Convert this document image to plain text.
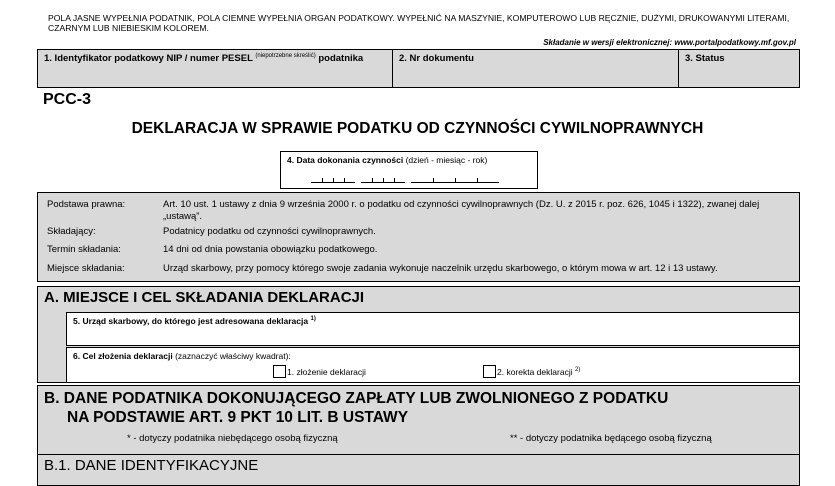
POLA JASNE WYPEŁNIA PODATNIK, POLA CIEMNE WYPEŁNIA ORGAN PODATKOWY. WYPEŁNIĆ NA MASZYNIE, KOMPUTEROWO LUB RĘCZNIE, DUŻYMI, DRUKOWANYMI LITERAMI, CZARNYM LUB NIEBIESKIM KOLOREM.
Składanie w wersji elektronicznej: www.portalpodatkowy.mf.gov.pl
1. Identyfikator podatkowy NIP / numer PESEL $^{(niepotrzebne skreślić)}$ podatnika	2. Nr dokumentu	3. Status
PCC-3
DEKLARACJA W SPRAWIE PODATKU OD CZYNNOŚCI CYWILNOPRAWNYCH
4. Data dokonania czynności (dzień - miesiąc - rok)
Podstawa prawna:	Art. 10 ust. 1 ustawy z dnia 9 września 2000 r. o podatku od czynności cywilnoprawnych (Dz. U. z 2015 r. poz. 626, 1045 i 1322), zwanej dalej „ustawą”.
Składający:	Podatnicy podatku od czynności cywilnoprawnych.
Termin składania:	14 dni od dnia powstania obowiązku podatkowego.
Miejsce składania:	Urząd skarbowy, przy pomocy którego swoje zadania wykonuje naczelnik urzędu skarbowego, o którym mowa w art. 12 i 13 ustawy.
A. MIEJSCE I CEL SKŁADANIA DEKLARACJI
5. Urząd skarbowy, do którego jest adresowana deklaracja $^{1)}$
6. Cel złożenia deklaracji (zaznaczyć właściwy kwadrat):
1. złożenie deklaracji	2. korekta deklaracji $^{2)}$
B. DANE PODATNIKA DOKONUJĄCEGO ZAPŁATY LUB ZWOLNIONEGO Z PODATKU
NA PODSTAWIE ART. 9 PKT 10 LIT. B USTAWY
* - dotyczy podatnika niebędącego osobą fizyczną	** - dotyczy podatnika będącego osobą fizyczną
B.1. DANE IDENTYFIKACYJNE
